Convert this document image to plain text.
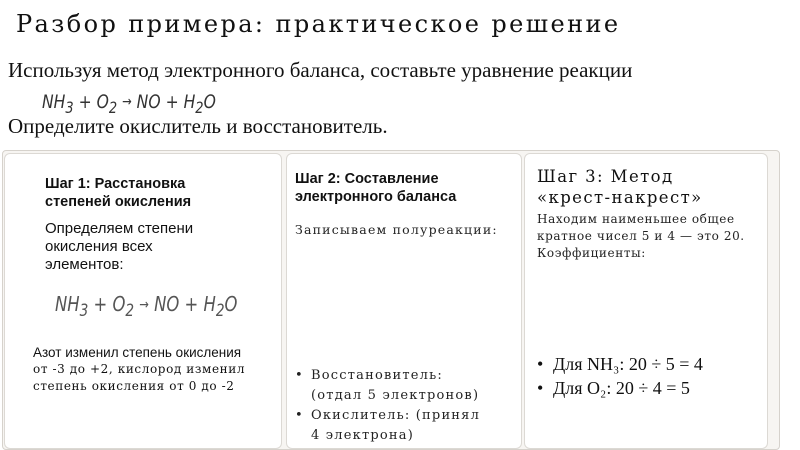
Разбор примера: практическое решение
Используя метод электронного баланса, составьте уравнение реакции
$NH_3 + O_2$ → NO + $H_2O$
Определите окислитель и восстановитель.
Шаг 1: Расстановка
степеней окисления
Определяем степени
окисления всех
элементов:
$NH_3 + O_2$ → NO + $H_2O$
Азот изменил степень окисления
от -3 до +2, кислород изменил
степень окисления от 0 до -2
Шаг 2: Составление
электронного баланса
Записываем полуреакции:
• Восстановитель:
(отдал 5 электронов)
• Окислитель: (принял
4 электрона)
Шаг 3: Метод
«крест-накрест»
Находим наименьшее общее
кратное чисел 5 и 4 — это 20.
Коэффициенты:
• Для NH₃: 20 ÷ 5 = 4
• Для O₂: 20 ÷ 4 = 5
